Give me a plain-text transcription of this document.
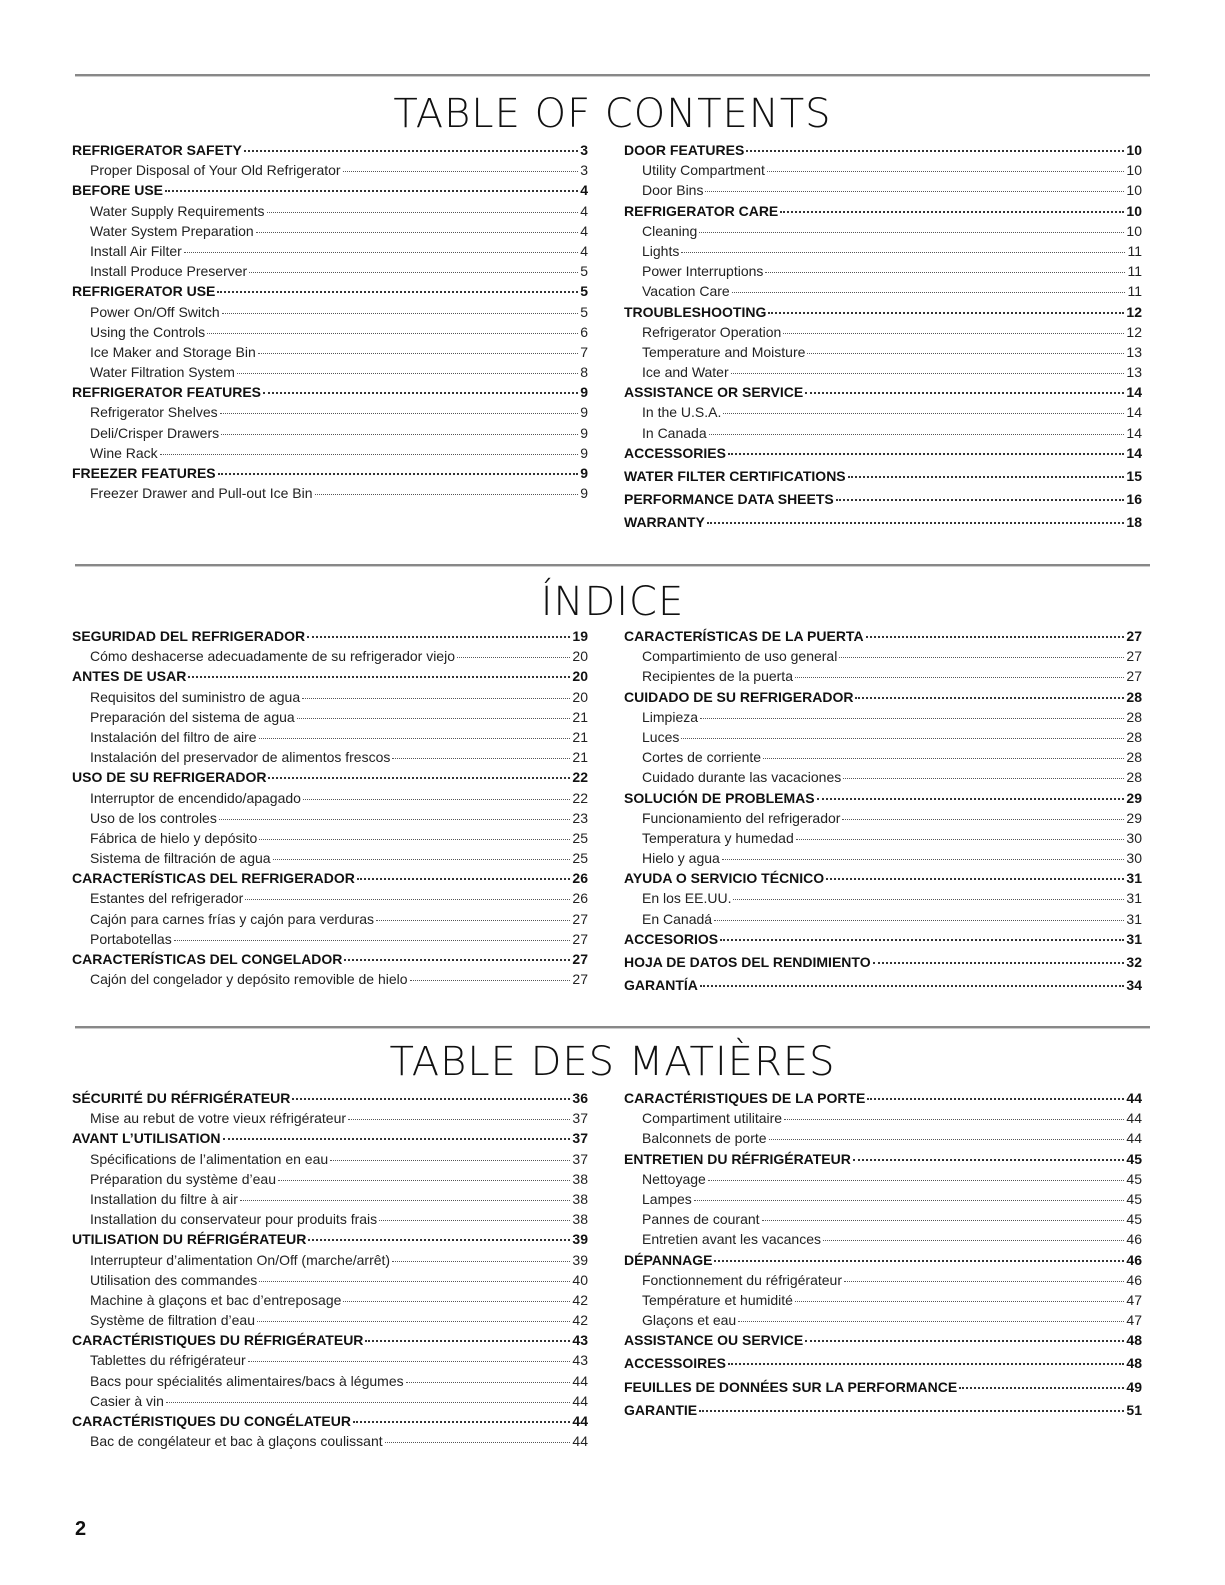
TABLE OF CONTENTS
REFRIGERATOR SAFETY	3
Proper Disposal of Your Old Refrigerator	3
BEFORE USE	4
Water Supply Requirements	4
Water System Preparation	4
Install Air Filter	4
Install Produce Preserver	5
REFRIGERATOR USE	5
Power On/Off Switch	5
Using the Controls	6
Ice Maker and Storage Bin	7
Water Filtration System	8
REFRIGERATOR FEATURES	9
Refrigerator Shelves	9
Deli/Crisper Drawers	9
Wine Rack	9
FREEZER FEATURES	9
Freezer Drawer and Pull-out Ice Bin	9
DOOR FEATURES	10
Utility Compartment	10
Door Bins	10
REFRIGERATOR CARE	10
Cleaning	10
Lights	11
Power Interruptions	11
Vacation Care	11
TROUBLESHOOTING	12
Refrigerator Operation	12
Temperature and Moisture	13
Ice and Water	13
ASSISTANCE OR SERVICE	14
In the U.S.A.	14
In Canada	14
ACCESSORIES	14
WATER FILTER CERTIFICATIONS	15
PERFORMANCE DATA SHEETS	16
WARRANTY	18
ÍNDICE
SEGURIDAD DEL REFRIGERADOR	19
Cómo deshacerse adecuadamente de su refrigerador viejo	20
ANTES DE USAR	20
Requisitos del suministro de agua	20
Preparación del sistema de agua	21
Instalación del filtro de aire	21
Instalación del preservador de alimentos frescos	21
USO DE SU REFRIGERADOR	22
Interruptor de encendido/apagado	22
Uso de los controles	23
Fábrica de hielo y depósito	25
Sistema de filtración de agua	25
CARACTERÍSTICAS DEL REFRIGERADOR	26
Estantes del refrigerador	26
Cajón para carnes frías y cajón para verduras	27
Portabotellas	27
CARACTERÍSTICAS DEL CONGELADOR	27
Cajón del congelador y depósito removible de hielo	27
CARACTERÍSTICAS DE LA PUERTA	27
Compartimiento de uso general	27
Recipientes de la puerta	27
CUIDADO DE SU REFRIGERADOR	28
Limpieza	28
Luces	28
Cortes de corriente	28
Cuidado durante las vacaciones	28
SOLUCIÓN DE PROBLEMAS	29
Funcionamiento del refrigerador	29
Temperatura y humedad	30
Hielo y agua	30
AYUDA O SERVICIO TÉCNICO	31
En los EE.UU.	31
En Canadá	31
ACCESORIOS	31
HOJA DE DATOS DEL RENDIMIENTO	32
GARANTÍA	34
TABLE DES MATIÈRES
SÉCURITÉ DU RÉFRIGÉRATEUR	36
Mise au rebut de votre vieux réfrigérateur	37
AVANT L’UTILISATION	37
Spécifications de l’alimentation en eau	37
Préparation du système d’eau	38
Installation du filtre à air	38
Installation du conservateur pour produits frais	38
UTILISATION DU RÉFRIGÉRATEUR	39
Interrupteur d’alimentation On/Off (marche/arrêt)	39
Utilisation des commandes	40
Machine à glaçons et bac d’entreposage	42
Système de filtration d’eau	42
CARACTÉRISTIQUES DU RÉFRIGÉRATEUR	43
Tablettes du réfrigérateur	43
Bacs pour spécialités alimentaires/bacs à légumes	44
Casier à vin	44
CARACTÉRISTIQUES DU CONGÉLATEUR	44
Bac de congélateur et bac à glaçons coulissant	44
CARACTÉRISTIQUES DE LA PORTE	44
Compartiment utilitaire	44
Balconnets de porte	44
ENTRETIEN DU RÉFRIGÉRATEUR	45
Nettoyage	45
Lampes	45
Pannes de courant	45
Entretien avant les vacances	46
DÉPANNAGE	46
Fonctionnement du réfrigérateur	46
Température et humidité	47
Glaçons et eau	47
ASSISTANCE OU SERVICE	48
ACCESSOIRES	48
FEUILLES DE DONNÉES SUR LA PERFORMANCE	49
GARANTIE	51
2
